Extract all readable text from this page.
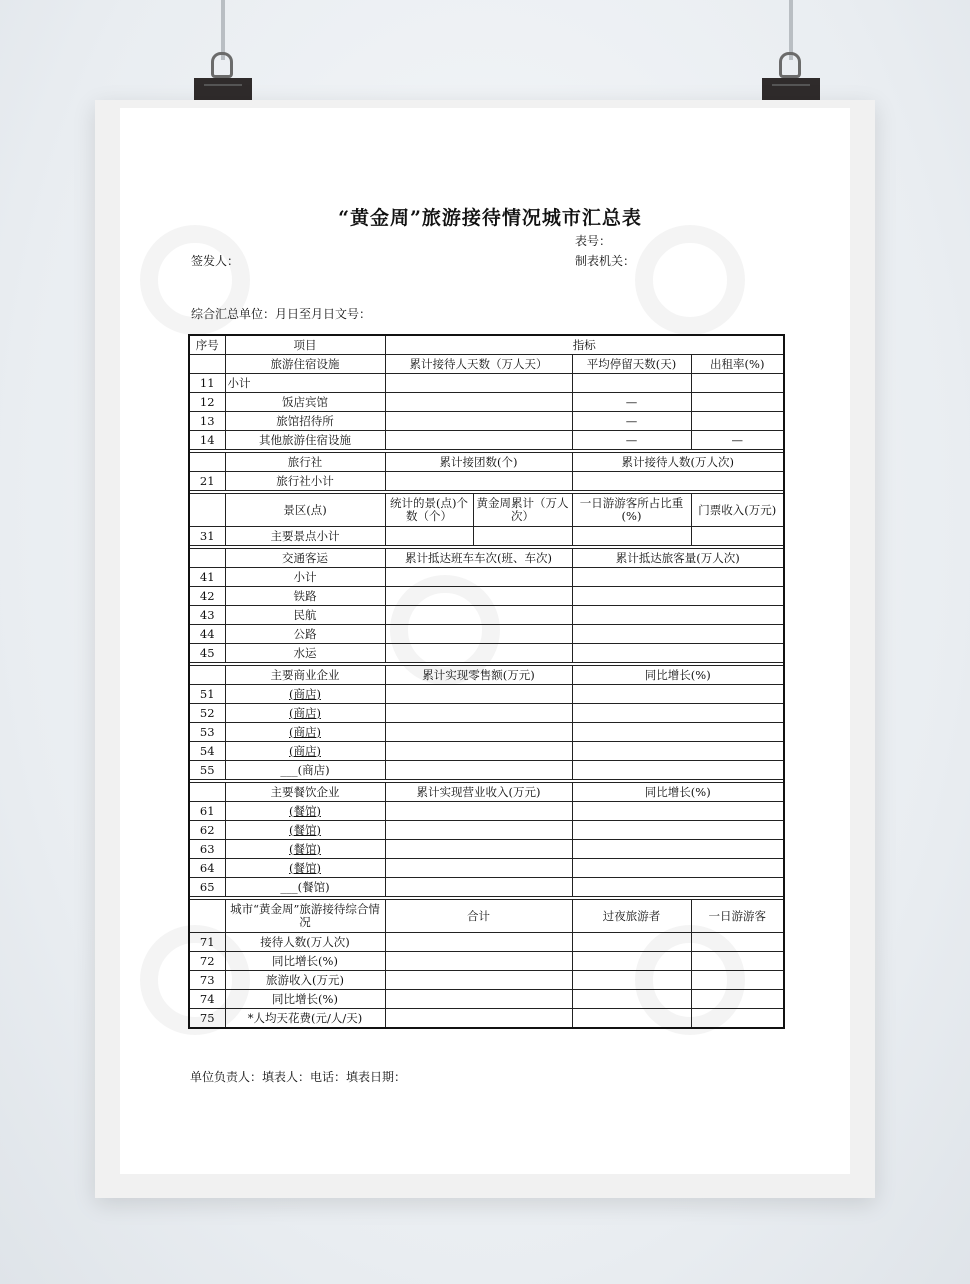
“黄金周”旅游接待情况城市汇总表
表号：
签发人：	制表机关：
综合汇总单位：月日至月日文号：
序号	项目	指标			
	旅游住宿设施	累计接待人天数（万人天）		平均停留天数(天)	出租率(%)
11	小计				
12	饭店宾馆			—	
13	旅馆招待所			—	
14	其他旅游住宿设施			—	—

	旅行社	累计接团数(个)		累计接待人数(万人次)	
21	旅行社小计				

	景区(点)	统计的景(点)个数（个）	黄金周累计（万人次）	一日游游客所占比重(%)	门票收入(万元)
31	主要景点小计				

	交通客运	累计抵达班车车次(班、车次)		累计抵达旅客量(万人次)	
41	小计				
42	铁路				
43	民航				
44	公路				
45	水运				

	主要商业企业	累计实现零售额(万元)		同比增长(%)	
51	(商店)				
52	(商店)				
53	(商店)				
54	(商店)				
55	___(商店)				

	主要餐饮企业	累计实现营业收入(万元)		同比增长(%)	
61	(餐馆)				
62	(餐馆)				
63	(餐馆)				
64	(餐馆)				
65	___(餐馆)				

	城市“黄金周”旅游接待综合情况	合计		过夜旅游者	一日游游客
71	接待人数(万人次)				
72	同比增长(%)				
73	旅游收入(万元)				
74	同比增长(%)				
75	*人均天花费(元/人/天)				
单位负责人：填表人：电话：填表日期：
